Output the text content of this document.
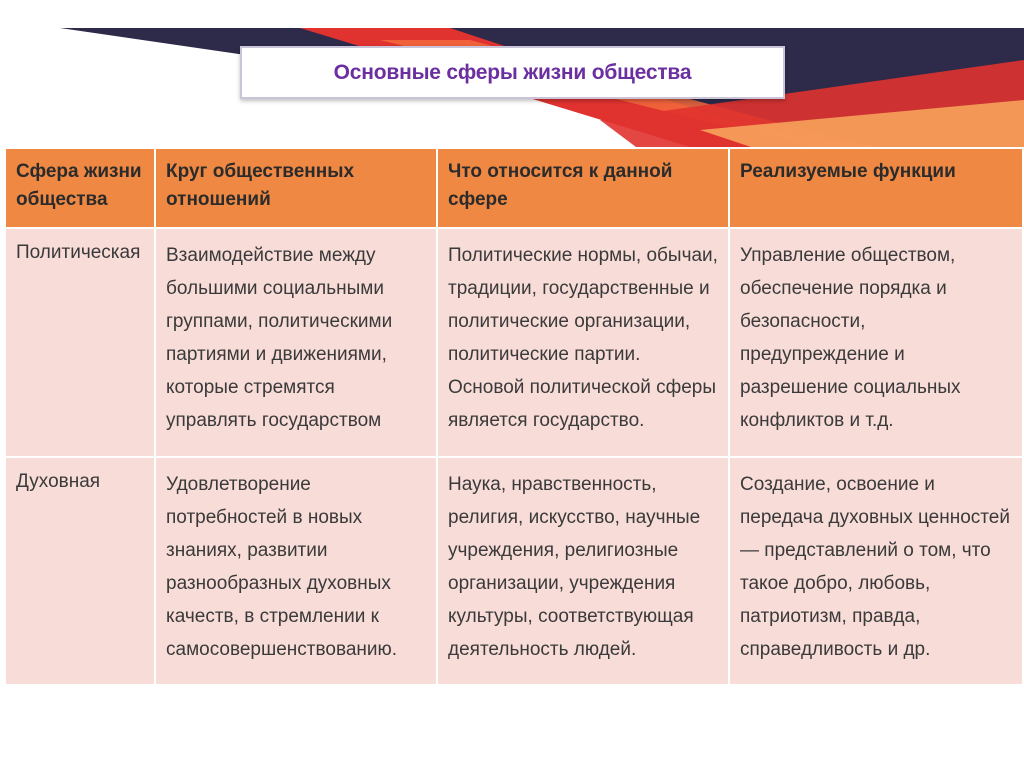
Основные сферы жизни общества
Сфера жизни общества	Круг общественных отношений	Что относится к данной сфере	Реализуемые функции
Политическая	Взаимодействие между большими социальными группами, политическими партиями и движениями, которые стремятся управлять государством	Политические нормы, обычаи, традиции, государственные и политические организации, политические партии. Основой политической сферы является государство.	Управление обществом, обеспечение порядка и безопасности, предупреждение и разрешение социальных конфликтов и т.д.
Духовная	Удовлетворение потребностей в новых знаниях, развитии разнообразных духовных качеств, в стремлении к самосовершенствованию.	Наука, нравственность, религия, искусство, научные учреждения, религиозные организации, учреждения культуры, соответствующая деятельность людей.	Создание, освоение и передача духовных ценностей — представлений о том, что такое добро, любовь, патриотизм, правда, справедливость и др.
